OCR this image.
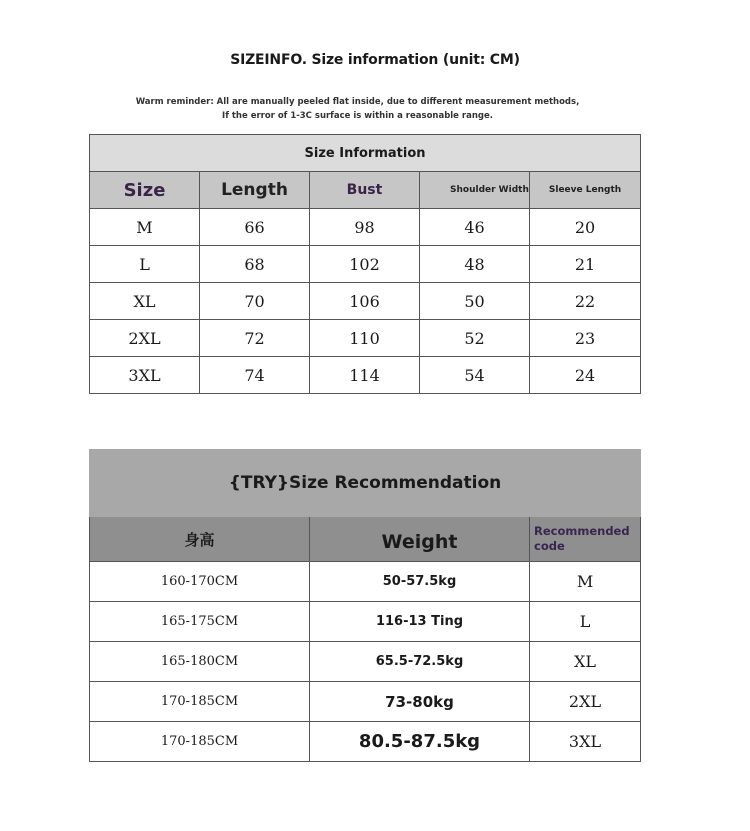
SIZEINFO. Size information (unit: CM)
Warm reminder: All are manually peeled flat inside, due to different measurement methods,
If the error of 1-3C surface is within a reasonable range.
Size Information				
Size	Length	Bust	Shoulder Width	Sleeve Length
M	66	98	46	20
L	68	102	48	21
XL	70	106	50	22
2XL	72	110	52	23
3XL	74	114	54	24
{TRY}Size Recommendation		
身高	Weight	Recommended code
160-170CM	50-57.5kg	M
165-175CM	116-13 Ting	L
165-180CM	65.5-72.5kg	XL
170-185CM	73-80kg	2XL
170-185CM	80.5-87.5kg	3XL
